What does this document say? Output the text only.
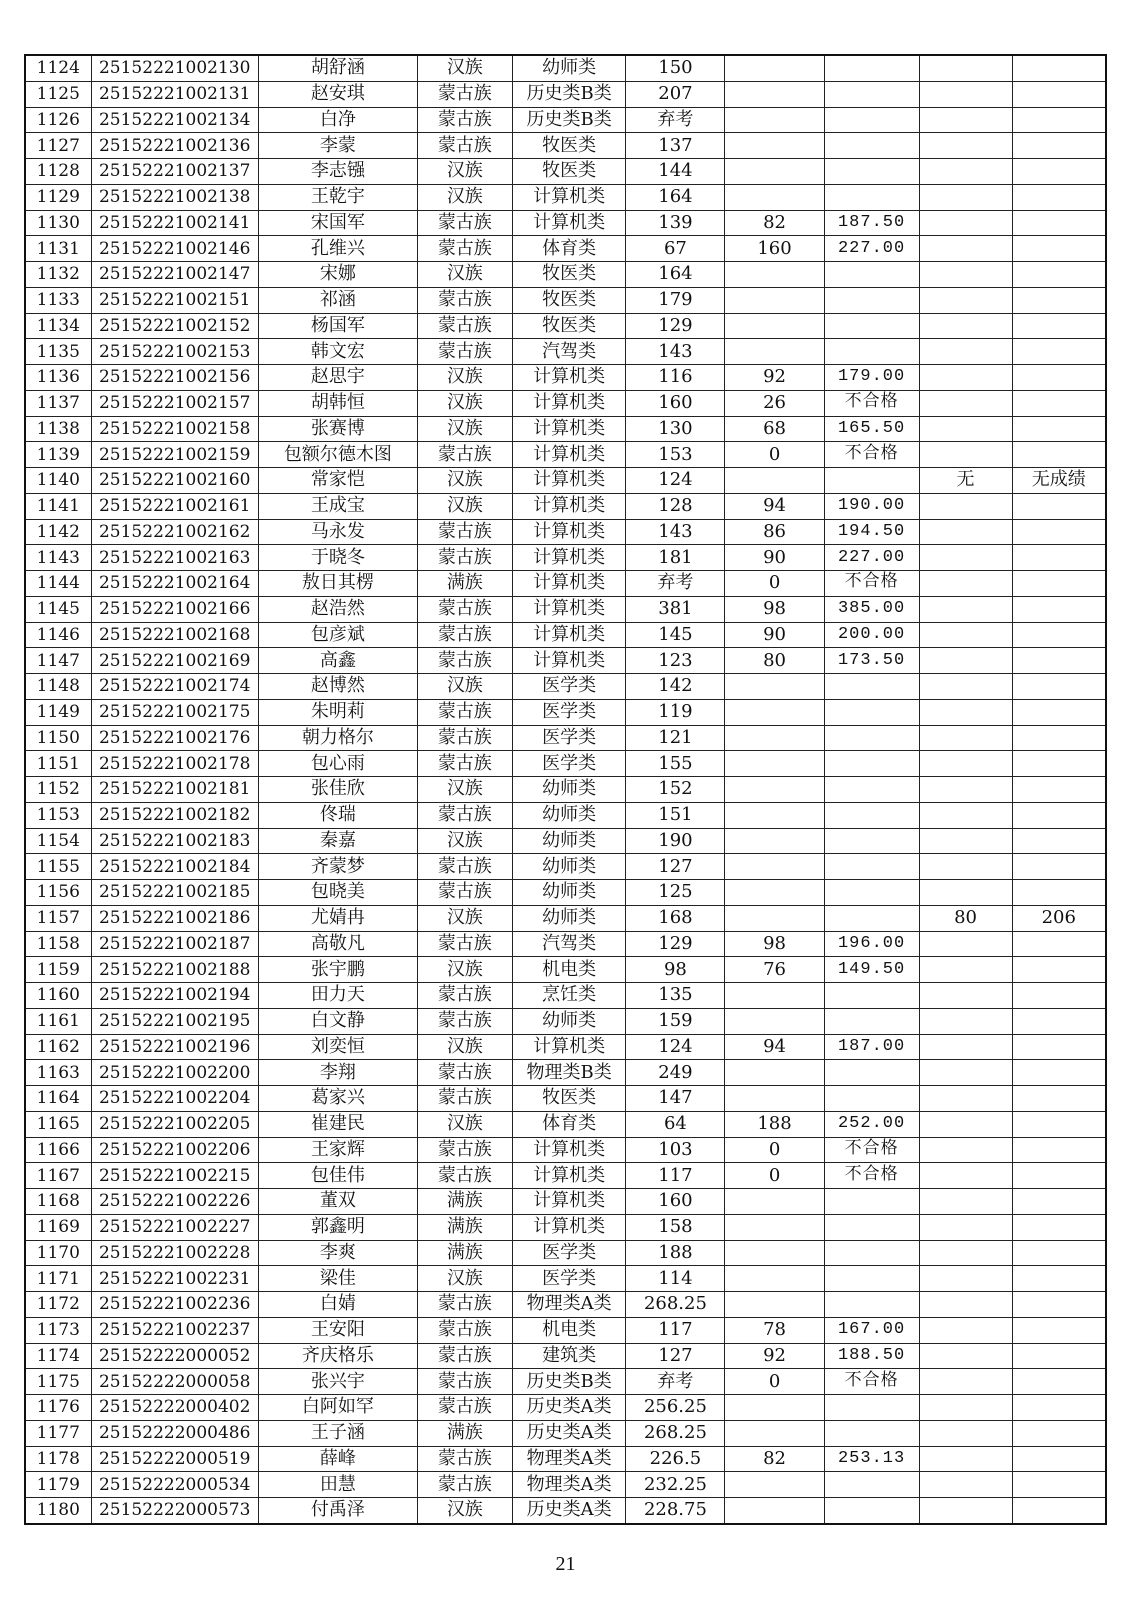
1124	25152221002130	胡舒涵	汉族	幼师类	150				
1125	25152221002131	赵安琪	蒙古族	历史类B类	207				
1126	25152221002134	白净	蒙古族	历史类B类	弃考				
1127	25152221002136	李蒙	蒙古族	牧医类	137				
1128	25152221002137	李志镪	汉族	牧医类	144				
1129	25152221002138	王乾宇	汉族	计算机类	164				
1130	25152221002141	宋国军	蒙古族	计算机类	139	82	187.50		
1131	25152221002146	孔维兴	蒙古族	体育类	67	160	227.00		
1132	25152221002147	宋娜	汉族	牧医类	164				
1133	25152221002151	祁涵	蒙古族	牧医类	179				
1134	25152221002152	杨国军	蒙古族	牧医类	129				
1135	25152221002153	韩文宏	蒙古族	汽驾类	143				
1136	25152221002156	赵思宇	汉族	计算机类	116	92	179.00		
1137	25152221002157	胡韩恒	汉族	计算机类	160	26	不合格		
1138	25152221002158	张赛博	汉族	计算机类	130	68	165.50		
1139	25152221002159	包额尔德木图	蒙古族	计算机类	153	0	不合格		
1140	25152221002160	常家恺	汉族	计算机类	124			无	无成绩
1141	25152221002161	王成宝	汉族	计算机类	128	94	190.00		
1142	25152221002162	马永发	蒙古族	计算机类	143	86	194.50		
1143	25152221002163	于晓冬	蒙古族	计算机类	181	90	227.00		
1144	25152221002164	敖日其楞	满族	计算机类	弃考	0	不合格		
1145	25152221002166	赵浩然	蒙古族	计算机类	381	98	385.00		
1146	25152221002168	包彦斌	蒙古族	计算机类	145	90	200.00		
1147	25152221002169	高鑫	蒙古族	计算机类	123	80	173.50		
1148	25152221002174	赵博然	汉族	医学类	142				
1149	25152221002175	朱明莉	蒙古族	医学类	119				
1150	25152221002176	朝力格尔	蒙古族	医学类	121				
1151	25152221002178	包心雨	蒙古族	医学类	155				
1152	25152221002181	张佳欣	汉族	幼师类	152				
1153	25152221002182	佟瑞	蒙古族	幼师类	151				
1154	25152221002183	秦嘉	汉族	幼师类	190				
1155	25152221002184	齐蒙梦	蒙古族	幼师类	127				
1156	25152221002185	包晓美	蒙古族	幼师类	125				
1157	25152221002186	尤婧冉	汉族	幼师类	168			80	206
1158	25152221002187	高敬凡	蒙古族	汽驾类	129	98	196.00		
1159	25152221002188	张宇鹏	汉族	机电类	98	76	149.50		
1160	25152221002194	田力天	蒙古族	烹饪类	135				
1161	25152221002195	白文静	蒙古族	幼师类	159				
1162	25152221002196	刘奕恒	汉族	计算机类	124	94	187.00		
1163	25152221002200	李翔	蒙古族	物理类B类	249				
1164	25152221002204	葛家兴	蒙古族	牧医类	147				
1165	25152221002205	崔建民	汉族	体育类	64	188	252.00		
1166	25152221002206	王家辉	蒙古族	计算机类	103	0	不合格		
1167	25152221002215	包佳伟	蒙古族	计算机类	117	0	不合格		
1168	25152221002226	董双	满族	计算机类	160				
1169	25152221002227	郭鑫明	满族	计算机类	158				
1170	25152221002228	李爽	满族	医学类	188				
1171	25152221002231	梁佳	汉族	医学类	114				
1172	25152221002236	白婧	蒙古族	物理类A类	268.25				
1173	25152221002237	王安阳	蒙古族	机电类	117	78	167.00		
1174	25152222000052	齐庆格乐	蒙古族	建筑类	127	92	188.50		
1175	25152222000058	张兴宇	蒙古族	历史类B类	弃考	0	不合格		
1176	25152222000402	白阿如罕	蒙古族	历史类A类	256.25				
1177	25152222000486	王子涵	满族	历史类A类	268.25				
1178	25152222000519	薛峰	蒙古族	物理类A类	226.5	82	253.13		
1179	25152222000534	田慧	蒙古族	物理类A类	232.25				
1180	25152222000573	付禹泽	汉族	历史类A类	228.75				
21
